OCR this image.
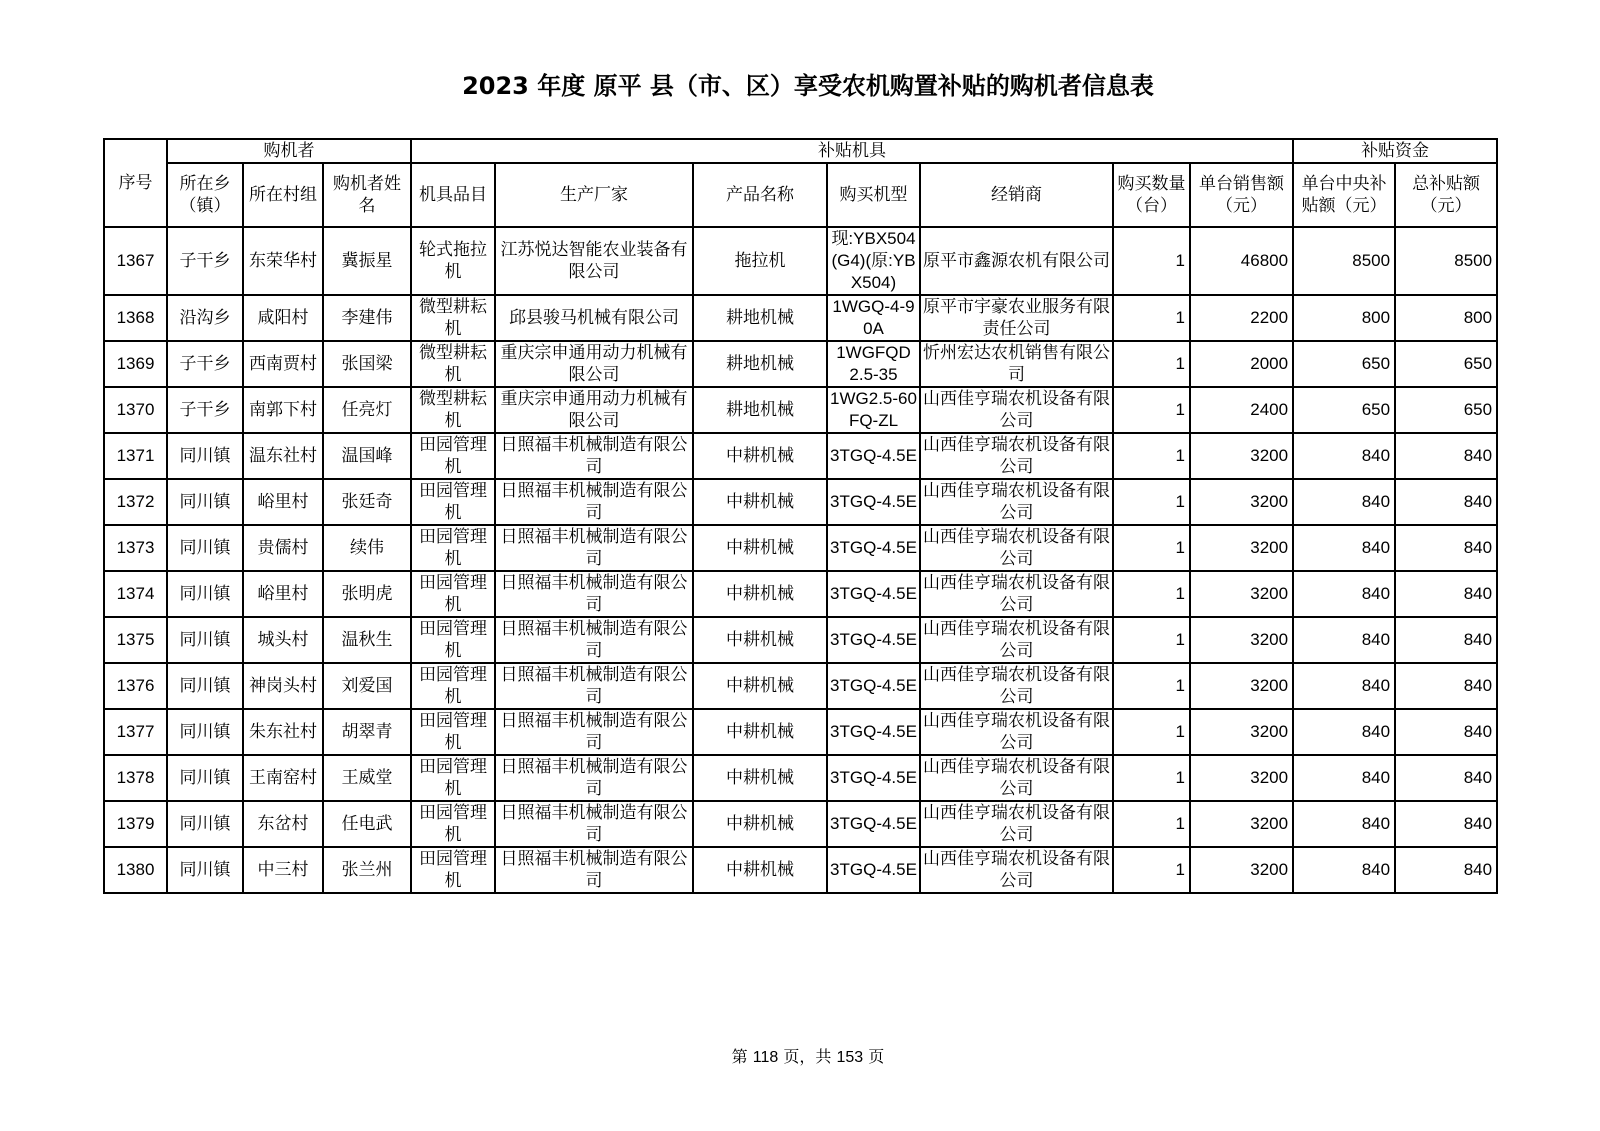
2023 年度 原平 县（市、区）享受农机购置补贴的购机者信息表
序号	购机者			补贴机具							补贴资金	
	所在乡（镇）	所在村组	购机者姓名	机具品目	生产厂家	产品名称	购买机型	经销商	购买数量（台）	单台销售额（元）	单台中央补贴额（元）	总补贴额（元）
1367	子干乡	东荣华村	冀振星	轮式拖拉机	江苏悦达智能农业装备有限公司	拖拉机	现:YBX504(G4)(原:YBX504)	原平市鑫源农机有限公司	1	46800	8500	8500
1368	沿沟乡	咸阳村	李建伟	微型耕耘机	邱县骏马机械有限公司	耕地机械	1WGQ-4-90A	原平市宇豪农业服务有限责任公司	1	2200	800	800
1369	子干乡	西南贾村	张国梁	微型耕耘机	重庆宗申通用动力机械有限公司	耕地机械	1WGFQD2.5-35	忻州宏达农机销售有限公司	1	2000	650	650
1370	子干乡	南郭下村	任亮灯	微型耕耘机	重庆宗申通用动力机械有限公司	耕地机械	1WG2.5-60FQ-ZL	山西佳亨瑞农机设备有限公司	1	2400	650	650
1371	同川镇	温东社村	温国峰	田园管理机	日照福丰机械制造有限公司	中耕机械	3TGQ-4.5E	山西佳亨瑞农机设备有限公司	1	3200	840	840
1372	同川镇	峪里村	张廷奇	田园管理机	日照福丰机械制造有限公司	中耕机械	3TGQ-4.5E	山西佳亨瑞农机设备有限公司	1	3200	840	840
1373	同川镇	贵儒村	续伟	田园管理机	日照福丰机械制造有限公司	中耕机械	3TGQ-4.5E	山西佳亨瑞农机设备有限公司	1	3200	840	840
1374	同川镇	峪里村	张明虎	田园管理机	日照福丰机械制造有限公司	中耕机械	3TGQ-4.5E	山西佳亨瑞农机设备有限公司	1	3200	840	840
1375	同川镇	城头村	温秋生	田园管理机	日照福丰机械制造有限公司	中耕机械	3TGQ-4.5E	山西佳亨瑞农机设备有限公司	1	3200	840	840
1376	同川镇	神岗头村	刘爱国	田园管理机	日照福丰机械制造有限公司	中耕机械	3TGQ-4.5E	山西佳亨瑞农机设备有限公司	1	3200	840	840
1377	同川镇	朱东社村	胡翠青	田园管理机	日照福丰机械制造有限公司	中耕机械	3TGQ-4.5E	山西佳亨瑞农机设备有限公司	1	3200	840	840
1378	同川镇	王南窑村	王威堂	田园管理机	日照福丰机械制造有限公司	中耕机械	3TGQ-4.5E	山西佳亨瑞农机设备有限公司	1	3200	840	840
1379	同川镇	东岔村	任电武	田园管理机	日照福丰机械制造有限公司	中耕机械	3TGQ-4.5E	山西佳亨瑞农机设备有限公司	1	3200	840	840
1380	同川镇	中三村	张兰州	田园管理机	日照福丰机械制造有限公司	中耕机械	3TGQ-4.5E	山西佳亨瑞农机设备有限公司	1	3200	840	840
第 118 页，共 153 页
